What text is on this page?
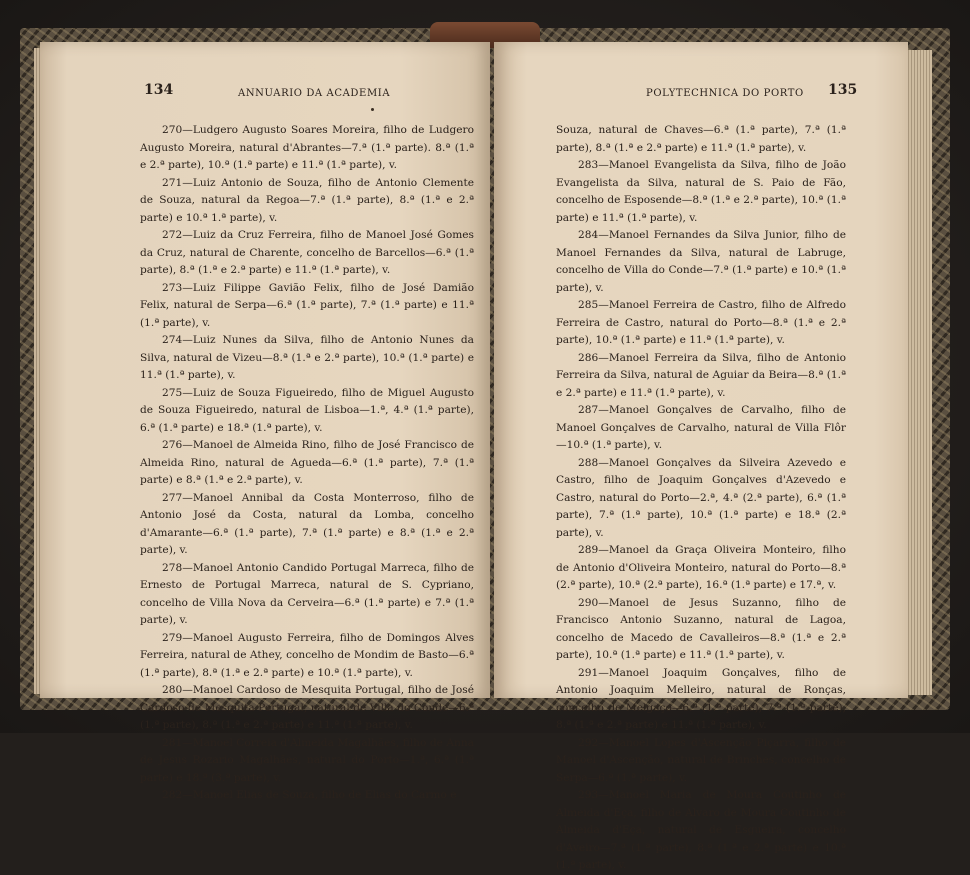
134	ANNUARIO DA ACADEMIA

270—Ludgero Augusto Soares Moreira, filho de Ludgero Augusto Moreira, natural d'Abrantes—7.ª (1.ª parte). 8.ª (1.ª e 2.ª parte), 10.ª (1.ª parte) e 11.ª (1.ª parte), v.

271—Luiz Antonio de Souza, filho de Antonio Clemente de Souza, natural da Regoa—7.ª (1.ª parte), 8.ª (1.ª e 2.ª parte) e 10.ª 1.ª parte), v.

272—Luiz da Cruz Ferreira, filho de Manoel José Gomes da Cruz, natural de Charente, concelho de Barcellos—6.ª (1.ª parte), 8.ª (1.ª e 2.ª parte) e 11.ª (1.ª parte), v.

273—Luiz Filippe Gavião Felix, filho de José Damião Felix, natural de Serpa—6.ª (1.ª parte), 7.ª (1.ª parte) e 11.ª (1.ª parte), v.

274—Luiz Nunes da Silva, filho de Antonio Nunes da Silva, natural de Vizeu—8.ª (1.ª e 2.ª parte), 10.ª (1.ª parte) e 11.ª (1.ª parte), v.

275—Luiz de Souza Figueiredo, filho de Miguel Augusto de Souza Figueiredo, natural de Lisboa—1.ª, 4.ª (1.ª parte), 6.ª (1.ª parte) e 18.ª (1.ª parte), v.

276—Manoel de Almeida Rino, filho de José Francisco de Almeida Rino, natural de Agueda—6.ª (1.ª parte), 7.ª (1.ª parte) e 8.ª (1.ª e 2.ª parte), v.

277—Manoel Annibal da Costa Monterroso, filho de Antonio José da Costa, natural da Lomba, concelho d'Amarante—6.ª (1.ª parte), 7.ª (1.ª parte) e 8.ª (1.ª e 2.ª parte), v.

278—Manoel Antonio Candido Portugal Marreca, filho de Ernesto de Portugal Marreca, natural de S. Cypriano, concelho de Villa Nova da Cerveira—6.ª (1.ª parte) e 7.ª (1.ª parte), v.

279—Manoel Augusto Ferreira, filho de Domingos Alves Ferreira, natural de Athey, concelho de Mondim de Basto—6.ª (1.ª parte), 8.ª (1.ª e 2.ª parte) e 10.ª (1.ª parte), v.

280—Manoel Cardoso de Mesquita Portugal, filho de José Cardoso de Mesquita Portugal, natural de Villa do Conde—6.ª (1.ª parte), 8.ª (1.ª e 2.ª parte) e 11.ª (1.ª parte), v.

281—Manoel Correia d'Almeida Magalhães, filho de Anna de Jesus Rozario Magalhães, natural do Porto—1.ª, 6.ª (1.ª parte) e 18.ª (3.ª parte), v.

282—Manoel Elias de Souza, filho de Elias do Carmo e

POLYTECHNICA DO PORTO 135

Souza, natural de Chaves—6.ª (1.ª parte), 7.ª (1.ª parte), 8.ª (1.ª e 2.ª parte) e 11.ª (1.ª parte), v.

283—Manoel Evangelista da Silva, filho de João Evangelista da Silva, natural de S. Paio de Fão, concelho de Esposende—8.ª (1.ª e 2.ª parte), 10.ª (1.ª parte) e 11.ª (1.ª parte), v.

284—Manoel Fernandes da Silva Junior, filho de Manoel Fernandes da Silva, natural de Labruge, concelho de Villa do Conde—7.ª (1.ª parte) e 10.ª (1.ª parte), v.

285—Manoel Ferreira de Castro, filho de Alfredo Ferreira de Castro, natural do Porto—8.ª (1.ª e 2.ª parte), 10.ª (1.ª parte) e 11.ª (1.ª parte), v.

286—Manoel Ferreira da Silva, filho de Antonio Ferreira da Silva, natural de Aguiar da Beira—8.ª (1.ª e 2.ª parte) e 11.ª (1.ª parte), v.

287—Manoel Gonçalves de Carvalho, filho de Manoel Gonçalves de Carvalho, natural de Villa Flôr—10.ª (1.ª parte), v.

288—Manoel Gonçalves da Silveira Azevedo e Castro, filho de Joaquim Gonçalves d'Azevedo e Castro, natural do Porto—2.ª, 4.ª (2.ª parte), 6.ª (1.ª parte), 7.ª (1.ª parte), 10.ª (1.ª parte) e 18.ª (2.ª parte), v.

289—Manoel da Graça Oliveira Monteiro, filho de Antonio d'Oliveira Monteiro, natural do Porto—8.ª (2.ª parte), 10.ª (2.ª parte), 16.ª (1.ª parte) e 17.ª, v.

290—Manoel de Jesus Suzanno, filho de Francisco Antonio Suzanno, natural de Lagoa, concelho de Macedo de Cavalleiros—8.ª (1.ª e 2.ª parte), 10.ª (1.ª parte) e 11.ª (1.ª parte), v.

291—Manoel Joaquim Gonçalves, filho de Antonio Joaquim Melleiro, natural de Ronças, concelho de Melgaço—6.ª (1.ª parte), 7.ª (1.ª parte), 8.ª (1.ª e 2.ª parte) e 11.ª (1.ª parte), v.

292—Manoel Lopes d'Ascenção Piçarra, filho de Manoel d'Ascenção, natural de Brinches, concelho de Serpa—6.ª (1.ª parte), v.

293—Manoel Maria de Moura Coutinho de Almeida d'Eça, filho de Alvaro de Moura Coutinho de Almeida d'Eça, natural de Esgueira, concelho d'Aveiro—7.ª (1.ª parte), 8.ª (1.ª e 2.ª parte) e 10.ª (1.ª parte), v.
